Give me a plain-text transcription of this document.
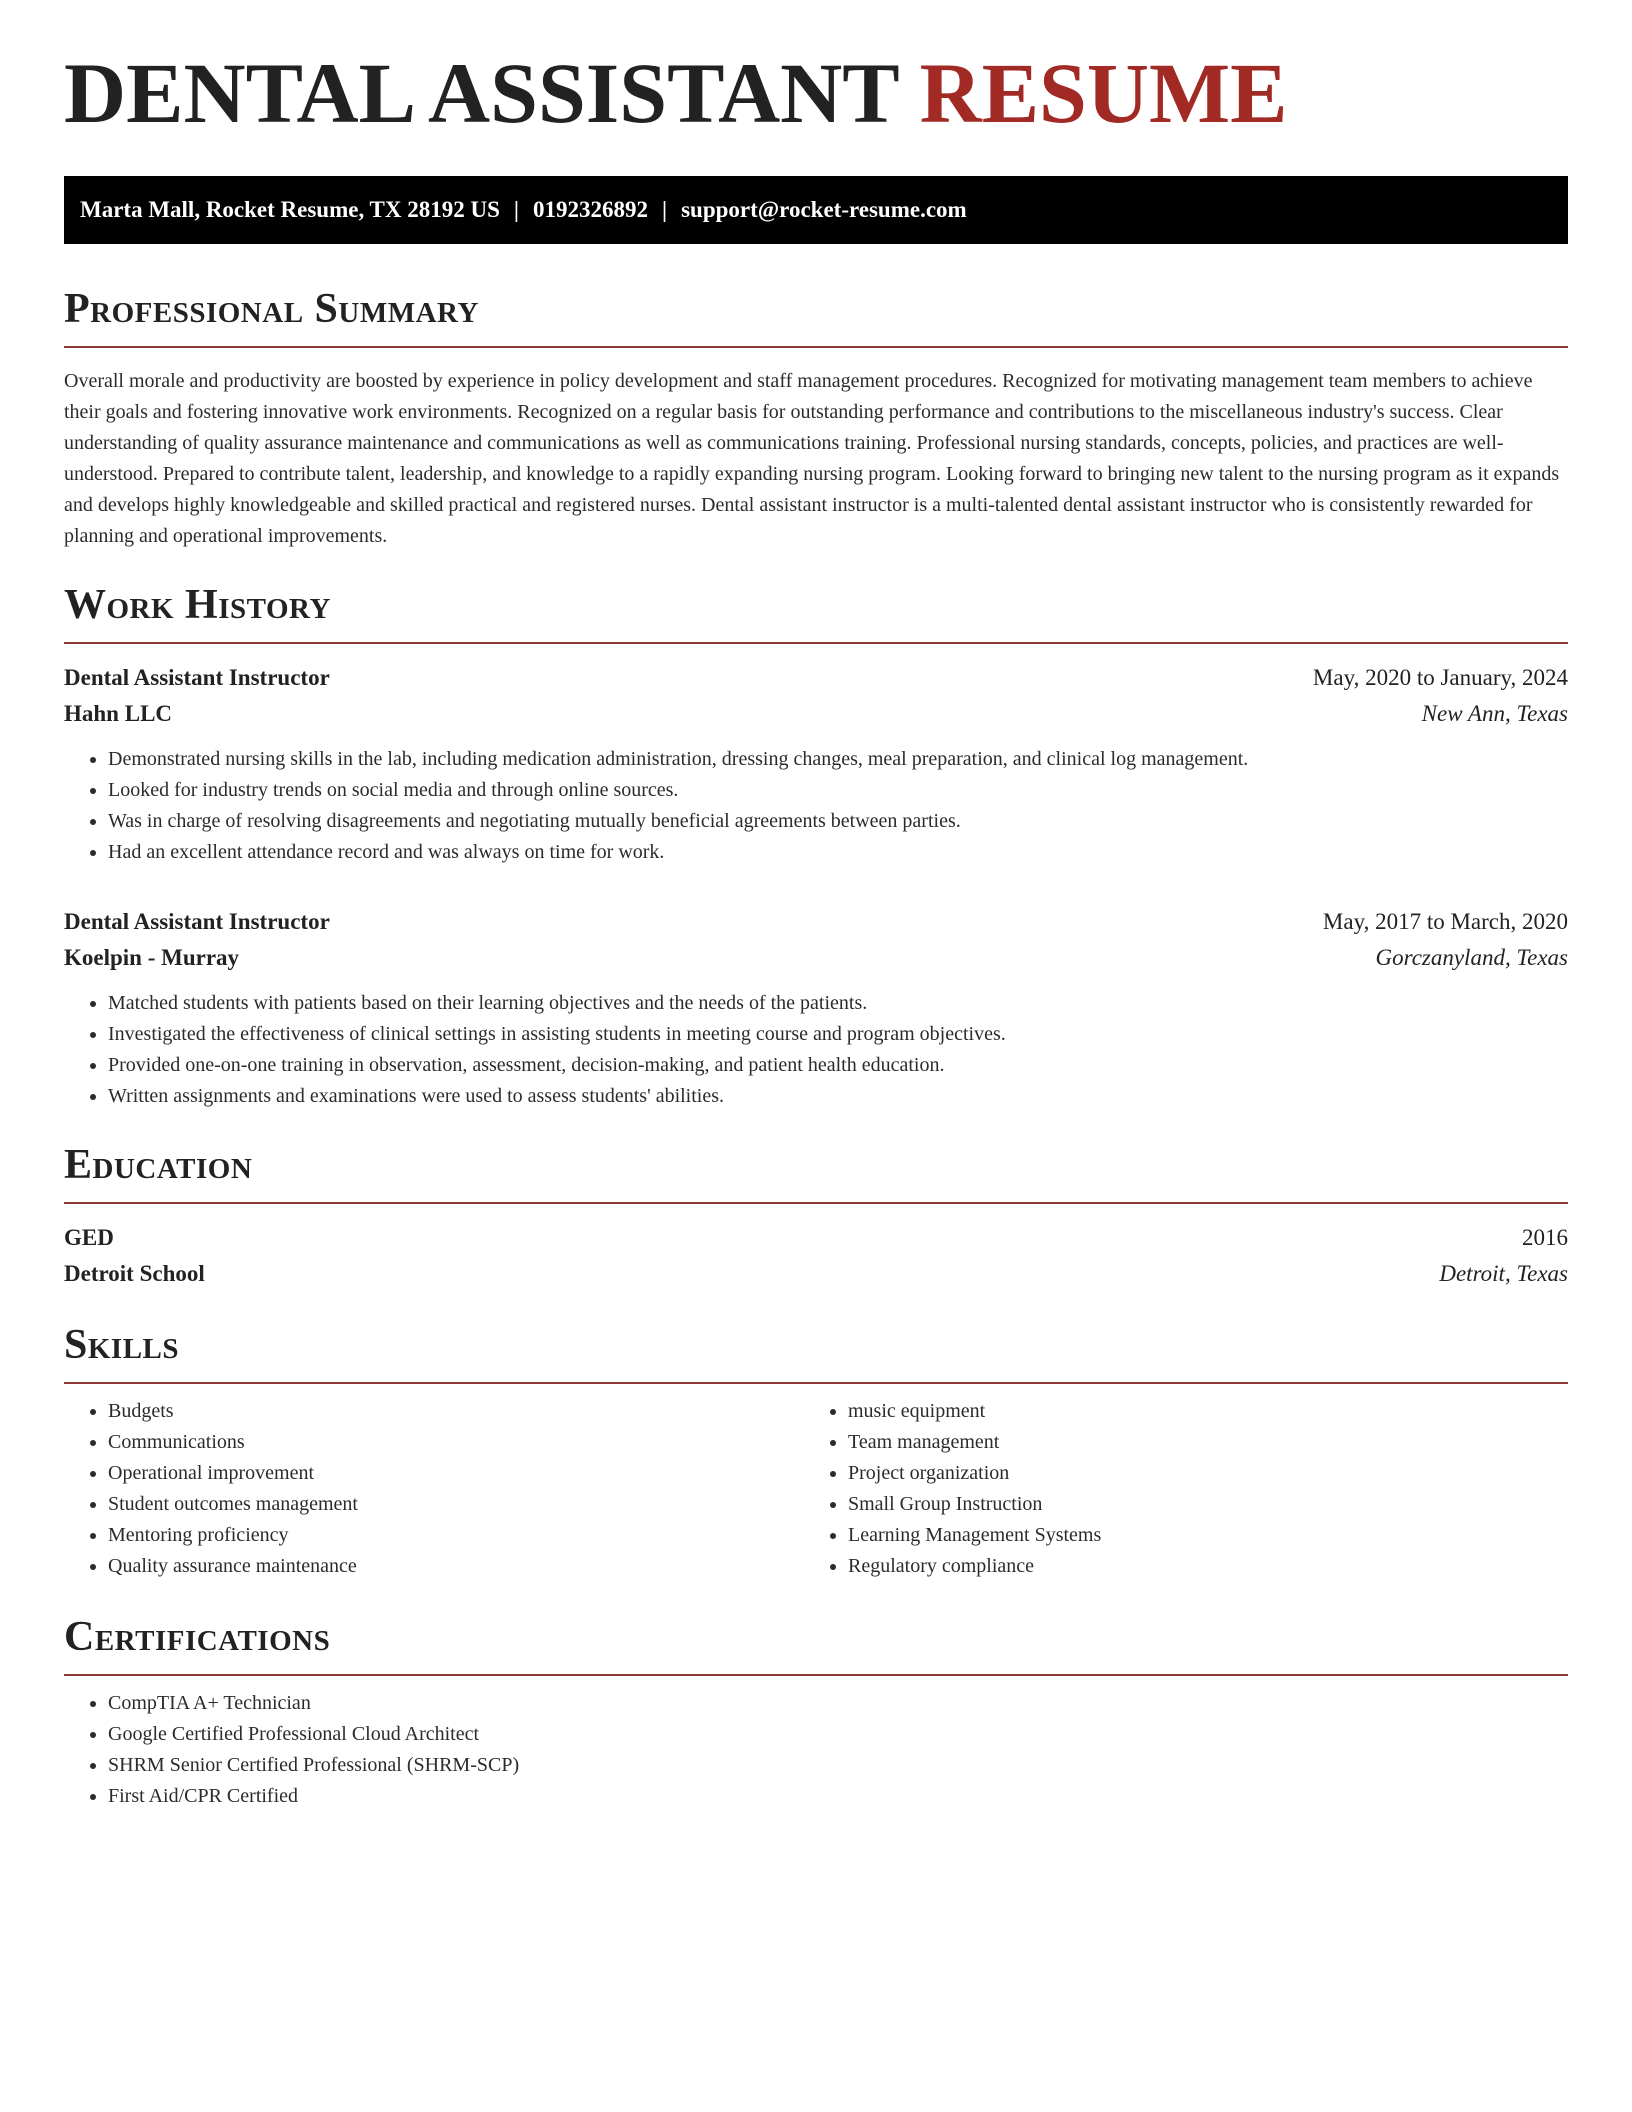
DENTAL ASSISTANT RESUME
Marta Mall, Rocket Resume, TX 28192 US | 0192326892 | support@rocket-resume.com
Professional Summary

Overall morale and productivity are boosted by experience in policy development and staff management procedures. Recognized for motivating management team members to achieve their goals and fostering innovative work environments. Recognized on a regular basis for outstanding performance and contributions to the miscellaneous industry's success. Clear understanding of quality assurance maintenance and communications as well as communications training. Professional nursing standards, concepts, policies, and practices are well-understood. Prepared to contribute talent, leadership, and knowledge to a rapidly expanding nursing program. Looking forward to bringing new talent to the nursing program as it expands and develops highly knowledgeable and skilled practical and registered nurses. Dental assistant instructor is a multi-talented dental assistant instructor who is consistently rewarded for planning and operational improvements.

Work History
Dental Assistant Instructor	May, 2020 to January, 2024
Hahn LLC	New Ann, Texas
• Demonstrated nursing skills in the lab, including medication administration, dressing changes, meal preparation, and clinical log management.
• Looked for industry trends on social media and through online sources.
• Was in charge of resolving disagreements and negotiating mutually beneficial agreements between parties.
• Had an excellent attendance record and was always on time for work.
Dental Assistant Instructor	May, 2017 to March, 2020
Koelpin - Murray	Gorczanyland, Texas
• Matched students with patients based on their learning objectives and the needs of the patients.
• Investigated the effectiveness of clinical settings in assisting students in meeting course and program objectives.
• Provided one-on-one training in observation, assessment, decision-making, and patient health education.
• Written assignments and examinations were used to assess students' abilities.
Education
GED	2016
Detroit School	Detroit, Texas
Skills
• Budgets
• Communications
• Operational improvement
• Student outcomes management
• Mentoring proficiency
• Quality assurance maintenance
• music equipment
• Team management
• Project organization
• Small Group Instruction
• Learning Management Systems
• Regulatory compliance
Certifications
• CompTIA A+ Technician
• Google Certified Professional Cloud Architect
• SHRM Senior Certified Professional (SHRM-SCP)
• First Aid/CPR Certified
